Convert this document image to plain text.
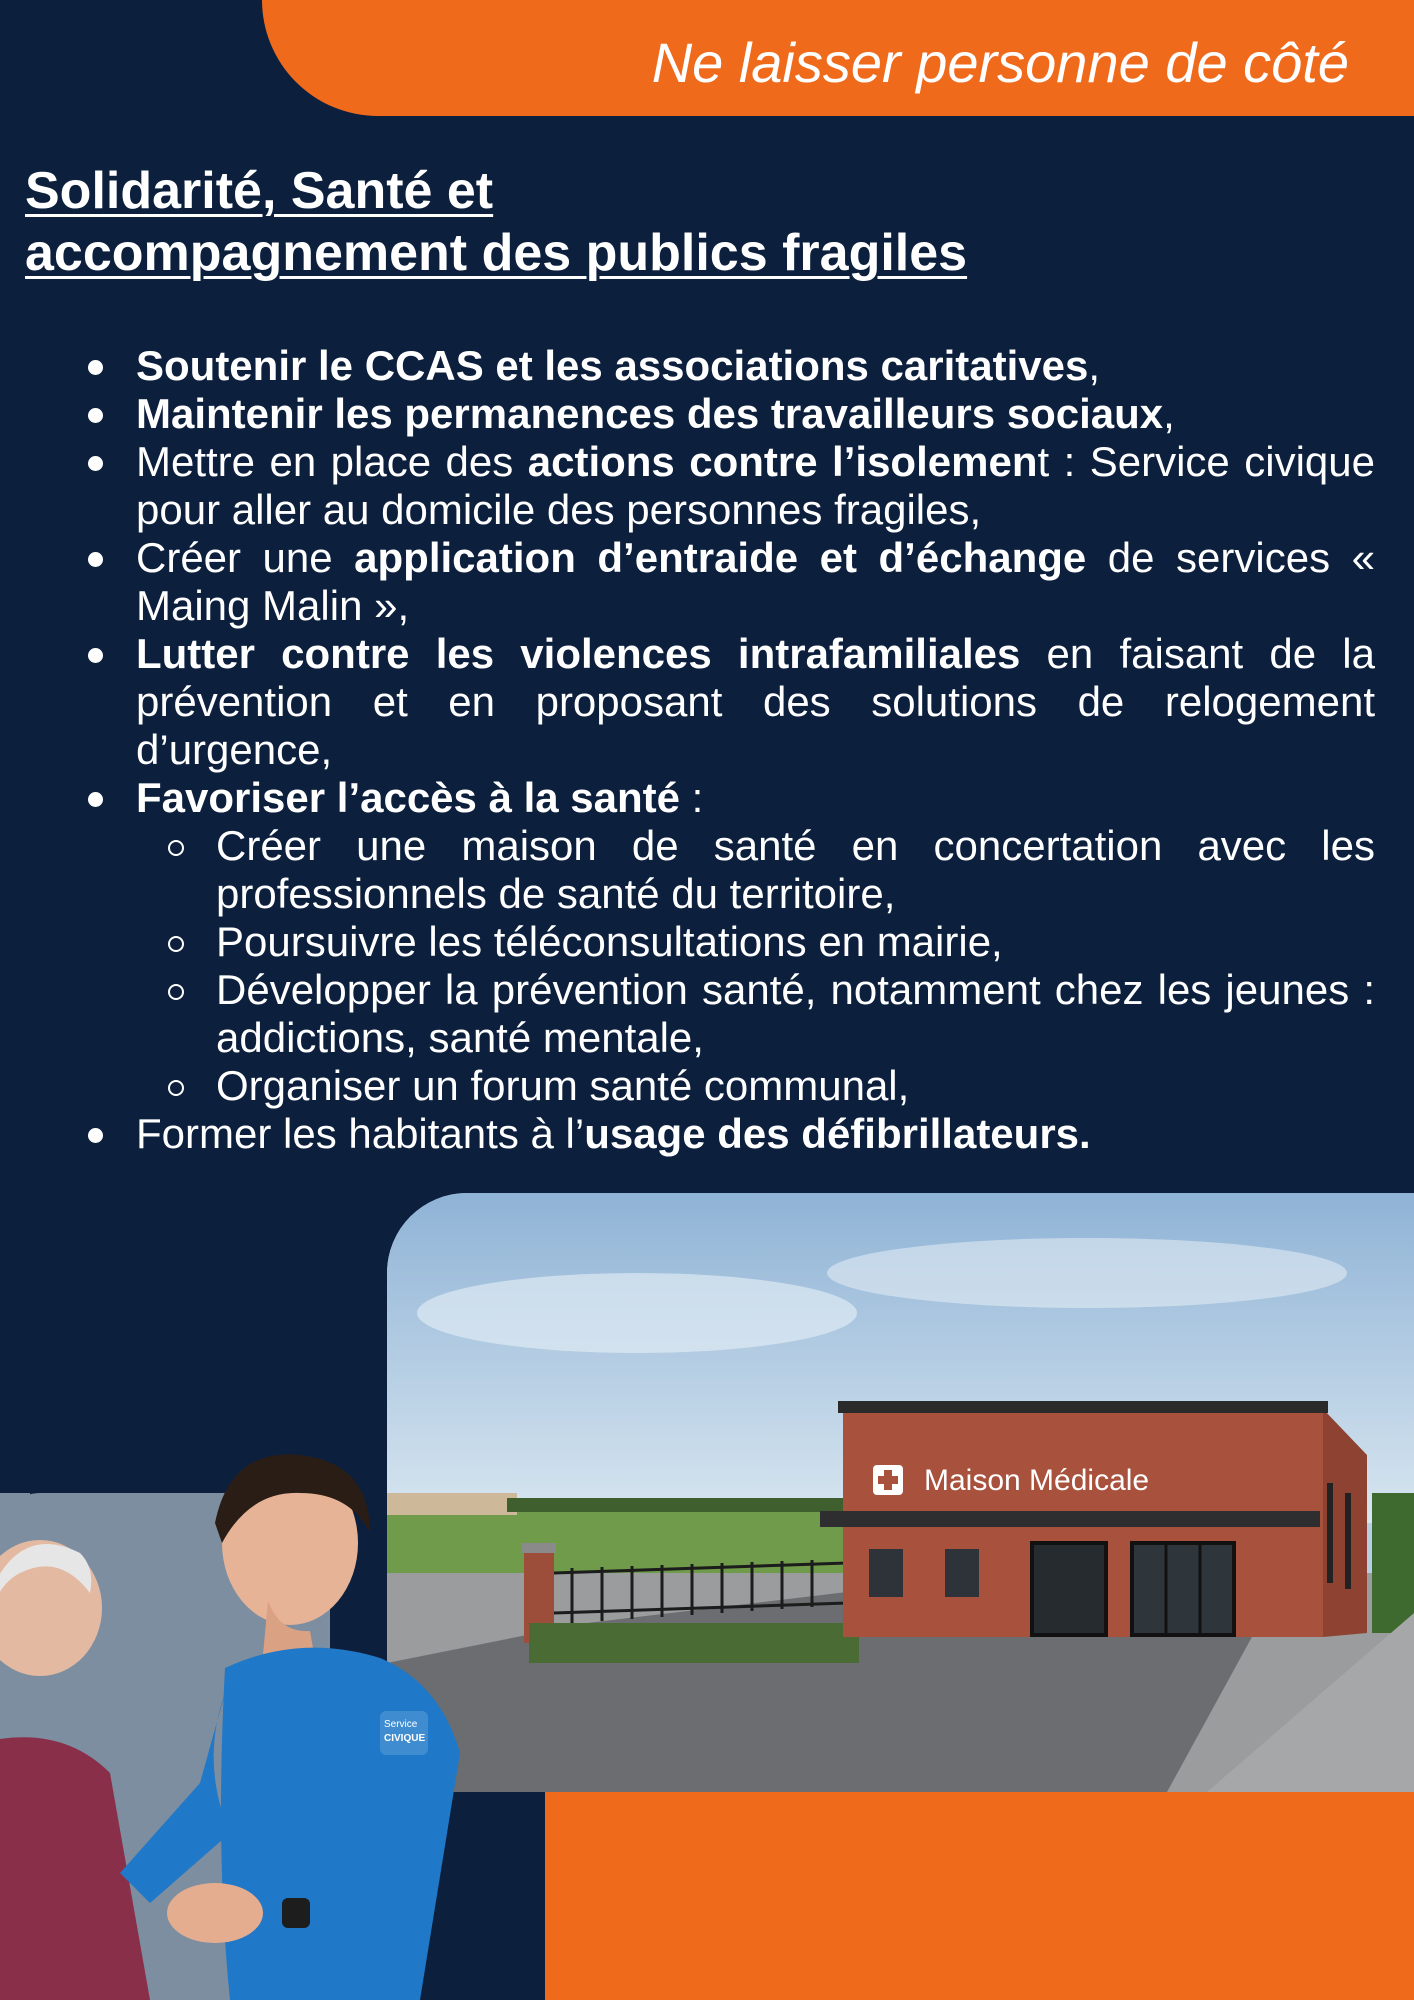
Ne laisser personne de côté
Solidarité, Santé et
accompagnement des publics fragiles
Soutenir le CCAS et les associations caritatives,
Maintenir les permanences des travailleurs sociaux,
Mettre en place des actions contre l’isolement : Service civique pour aller au domicile des personnes fragiles,
Créer une application d’entraide et d’échange de services « Maing Malin »,
Lutter contre les violences intrafamiliales en faisant de la prévention et en proposant des solutions de relogement d’urgence,
Favoriser l’accès à la santé :
Créer une maison de santé en concertation avec les professionnels de santé du territoire,
Poursuivre les téléconsultations en mairie,
Développer la prévention santé, notamment chez les jeunes : addictions, santé mentale,
Organiser un forum santé communal,
Former les habitants à l’usage des défibrillateurs.
Maison Médicale
Service
CIVIQUE
